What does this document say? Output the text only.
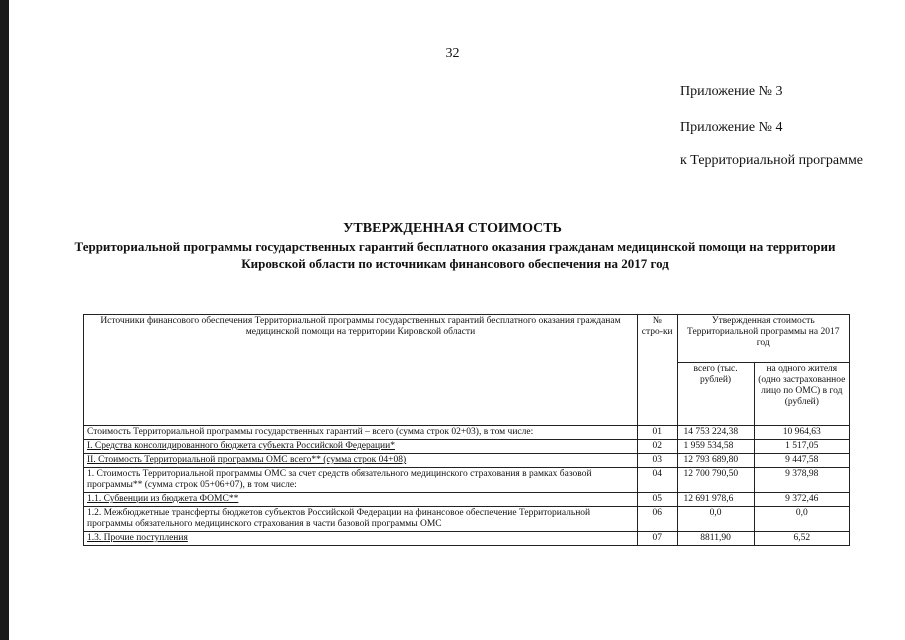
32
Приложение № 3
Приложение № 4
к Территориальной программе
УТВЕРЖДЕННАЯ СТОИМОСТЬ
Территориальной программы государственных гарантий бесплатного оказания гражданам медицинской помощи на территории Кировской области по источникам финансового обеспечения на 2017 год
Источники финансового обеспечения Территориальной программы государственных гарантий бесплатного оказания гражданам медицинской помощи на территории Кировской области	№ стро-ки	Утвержденная стоимость Территориальной программы на 2017 год	
		всего (тыс. рублей)	на одного жителя (одно застрахованное лицо по ОМС) в год (рублей)
Стоимость Территориальной программы государственных гарантий – всего (сумма строк 02+03), в том числе:	01	14 753 224,38	10 964,63
I. Средства консолидированного бюджета субъекта Российской Федерации*	02	1 959 534,58	1 517,05
II. Стоимость Территориальной программы ОМС всего** (сумма строк 04+08)	03	12 793 689,80	9 447,58
1. Стоимость Территориальной программы ОМС за счет средств обязательного медицинского страхования в рамках базовой программы** (сумма строк 05+06+07), в том числе:	04	12 700 790,50	9 378,98
1.1. Субвенции из бюджета ФОМС**	05	12 691 978,6	9 372,46
1.2. Межбюджетные трансферты бюджетов субъектов Российской Федерации на финансовое обеспечение Территориальной программы обязательного медицинского страхования в части базовой программы ОМС	06	0,0	0,0
1.3. Прочие поступления	07	8811,90	6,52
